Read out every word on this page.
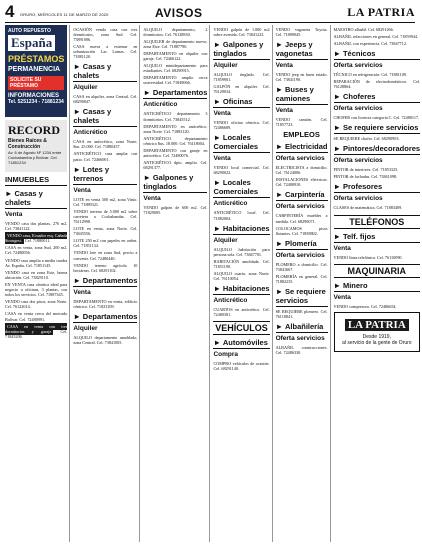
4 ORURO, MIÉRCOLES 11 DE MARZO DE 2020	AVISOS	LA PATRIA
AUTO REPUESTO
España
PRÉSTAMOS
PERMANENCIA
SOLICITE SU PRÉSTAMO
INFORMACIONES
Tel. 5251234 - 71881234
RECORD
Bienes Raíces & Construcción
Av. 6 de Agosto Nº 1234 entre Cochabamba y Bolívar. Cel. 71851234
INMUEBLES
► Casas y chalets
Venta
VENDO casa dos plantas, 276 m2. Cel. 73841122.
VENDO casa, Ecuador esq. Cañada Strongest. Cel. 71880011.
CASA en venta, zona Sud, 200 m2. Cel. 72480056.
VENDO casa amplia a media cuadra Av. España. Cel. 71851145.
VENDO casa en zona Este, buena ubicación. Cel. 73829110.
EN VENTA casa céntrica ideal para negocio u oficinas, 3 plantas, con todos los servicios. Cel. 71887345.
VENDO casa dos pisos, zona Norte. Cel. 76122014.
CASA en venta cerca del mercado Bolívar. Cel. 72480991.
CASA en venta con tres dormitorios y garaje Cel. 71843206.
OCASIÓN vendo casa con tres dormitorios, zona Sud. Cel. 73891006.
CASA nueva a estrenar en urbanización Las Lomas. Cel. 71881120.
► Casas y chalets
Alquiler
CASA en alquiler, zona Central. Cel. 68290047.
► Casas y chalets
Anticrético
CASA en anticrético, zona Norte, $us. 25.000. Cel. 71880457.
ANTICRÉTICO casa amplia con patio. Cel. 72466001.
► Lotes y terrenos
Venta
LOTE en venta 300 m2, zona Vinto. Cel. 71889321.
VENDO terreno de 5.000 m2 sobre carretera a Cochabamba. Cel. 76112998.
LOTE en venta, zona Norte. Cel. 73845556.
LOTE 250 m2 con papeles en orden. Cel. 71851134.
VENDO lote en zona Sud, precio a convenir. Cel. 72480440.
VENDO terreno agrícola 10 hectáreas. Cel. 68291102.
► Departamentos
Venta
DEPARTAMENTO en venta, edificio céntrico. Cel. 71823109.
► Departamentos
Alquiler
ALQUILO departamento amoblado, zona Central. Cel. 73841005.
ALQUILO departamento, 2 dormitorios. Cel. 76128830.
ALQUILER de departamento nuevo, zona Este. Cel. 71887790.
DEPARTAMENTO en alquiler con garaje. Cel. 72466122.
ALQUILO minidepartamento para estudiantes. Cel. 68290915.
DEPARTAMENTO amplio cerca universidad. Cel. 71849066.
► Departamentos
Anticrético
ANTICRÉTICO departamento 3 dormitorios. Cel. 73845512.
DEPARTAMENTO en anticrético, zona Norte. Cel. 71883120.
ANTICRÉTICO departamento céntrico $us. 18.000. Cel. 76118004.
DEPARTAMENTO con garaje en anticrético. Cel. 72480076.
ANTICRÉTICO dpto. amplio. Cel. 68291377.
► Galpones y tinglados
Venta
VENDO galpón de 600 m2. Cel. 71829005.
VENDO galpón de 1.000 m2 sobre avenida. Cel. 73841223.
► Galpones y tinglados
Alquiler
ALQUILO tinglado. Cel. 71859901.
GALPÓN en alquiler. Cel. 76129034.
► Oficinas
Venta
VENDO oficina céntrica. Cel. 72486609.
► Locales Comerciales
Venta
VENDO local comercial. Cel. 68290022.
► Locales Comerciales
Anticrético
ANTICRÉTICO local. Cel. 71882004.
► Habitaciones
Alquiler
ALQUILO habitación para persona sola. Cel. 73847701.
HABITACIÓN amoblada. Cel. 71851190.
ALQUILO cuarto, zona Norte. Cel. 76110054.
► Habitaciones
Anticrético
CUARTOS en anticrético. Cel. 72480381.
VEHÍCULOS
► Automóviles
Compra
COMPRO vehículos de ocasión. Cel. 68291140.
VENDO vagoneta Toyota. Cel. 71889045.
► Jeeps y vagonetas
Venta
VENDO jeep en buen estado. Cel. 73841190.
► Buses y camiones
Venta
VENDO camión. Cel. 71857723.
EMPLEOS
► Electricidad
Oferta servicios
ELECTRICISTA a domicilio. Cel. 76124006.
INSTALACIONES eléctricas. Cel. 72480910.
► Carpintería
Oferta servicios
CARPINTERÍA muebles a medida. Cel. 68290071.
COLOCAMOS pisos flotantes. Cel. 71858802.
► Plomería
Oferta servicios
PLOMERO a domicilio. Cel. 73841667.
PLOMERÍA en general. Cel. 71882235.
► Se requiere servicios
SE REQUIERE plomero. Cel. 76118841.
► Albañilería
Oferta servicios
ALBAÑIL construcciones. Cel. 72486330.
MAESTRO albañil. Cel. 68291266.
ALBAÑIL refacciones en general. Cel. 71859944.
ALBAÑIL con experiencia. Cel. 73847712.
► Técnicos
Oferta servicios
TÉCNICO en refrigeración. Cel. 71881109.
REPARACIÓN de electrodomésticos. Cel. 76128864.
► Choferes
Oferta servicios
CHOFER con licencia categoría C. Cel. 72480117.
► Se requiere servicios
SE REQUIERE chofer. Cel. 68290903.
► Pintores/decoradores
Oferta servicios
PINTOR de interiores. Cel. 71853325.
PINTOR de fachadas. Cel. 73841098.
► Profesores
Oferta servicios
CLASES de matemática. Cel. 71883409.
TELÉFONOS
► Telf. fijos
Venta
VENDO línea telefónica. Cel. 76110090.
MAQUINARIA
► Minero
Venta
VENDO compresora. Cel. 72486654.
LA PATRIA
Desde 1919,
al servicio de la gente de Oruro
